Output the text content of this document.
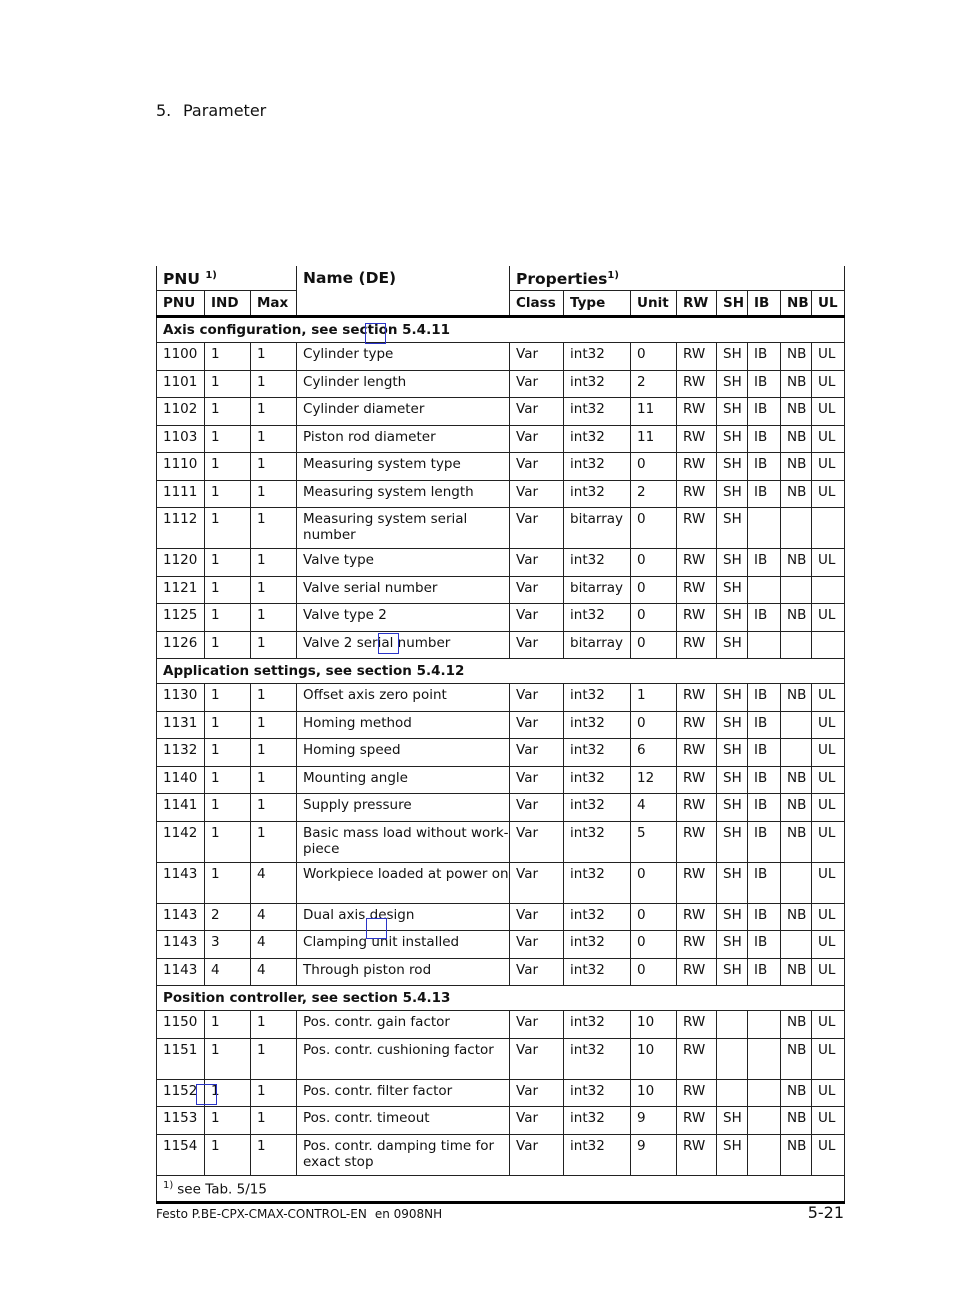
5. Parameter
PNU $^{1)}$			Name (DE)	Properties$^{1)}$
PNU	IND	Max		Class	Type	Unit	RW	SH	IB	NB	UL
Axis configuration, see section 5.4.11											
1100	1	1	Cylinder type	Var	int32	0	RW	SH	IB	NB	UL
1101	1	1	Cylinder length	Var	int32	2	RW	SH	IB	NB	UL
1102	1	1	Cylinder diameter	Var	int32	11	RW	SH	IB	NB	UL
1103	1	1	Piston rod diameter	Var	int32	11	RW	SH	IB	NB	UL
1110	1	1	Measuring system type	Var	int32	0	RW	SH	IB	NB	UL
1111	1	1	Measuring system length	Var	int32	2	RW	SH	IB	NB	UL
1112	1	1	Measuring system serial number	Var	bitarray	0	RW	SH			
1120	1	1	Valve type	Var	int32	0	RW	SH	IB	NB	UL
1121	1	1	Valve serial number	Var	bitarray	0	RW	SH			
1125	1	1	Valve type 2	Var	int32	0	RW	SH	IB	NB	UL
1126	1	1	Valve 2 serial number	Var	bitarray	0	RW	SH			
Application settings, see section 5.4.12											
1130	1	1	Offset axis zero point	Var	int32	1	RW	SH	IB	NB	UL
1131	1	1	Homing method	Var	int32	0	RW	SH	IB		UL
1132	1	1	Homing speed	Var	int32	6	RW	SH	IB		UL
1140	1	1	Mounting angle	Var	int32	12	RW	SH	IB	NB	UL
1141	1	1	Supply pressure	Var	int32	4	RW	SH	IB	NB	UL
1142	1	1	Basic mass load without work-piece	Var	int32	5	RW	SH	IB	NB	UL
1143	1	4	Workpiece loaded at power on	Var	int32	0	RW	SH	IB		UL
1143	2	4	Dual axis design	Var	int32	0	RW	SH	IB	NB	UL
1143	3	4	Clamping unit installed	Var	int32	0	RW	SH	IB		UL
1143	4	4	Through piston rod	Var	int32	0	RW	SH	IB	NB	UL
Position controller, see section 5.4.13											
1150	1	1	Pos. contr. gain factor	Var	int32	10	RW			NB	UL
1151	1	1	Pos. contr. cushioning factor	Var	int32	10	RW			NB	UL
1152	1	1	Pos. contr. filter factor	Var	int32	10	RW			NB	UL
1153	1	1	Pos. contr. timeout	Var	int32	9	RW	SH		NB	UL
1154	1	1	Pos. contr. damping time for exact stop	Var	int32	9	RW	SH		NB	UL
$^{1)}$ see Tab. 5/15											
Festo P.BE-CPX-CMAX-CONTROL-EN en 0908NH	5-21
